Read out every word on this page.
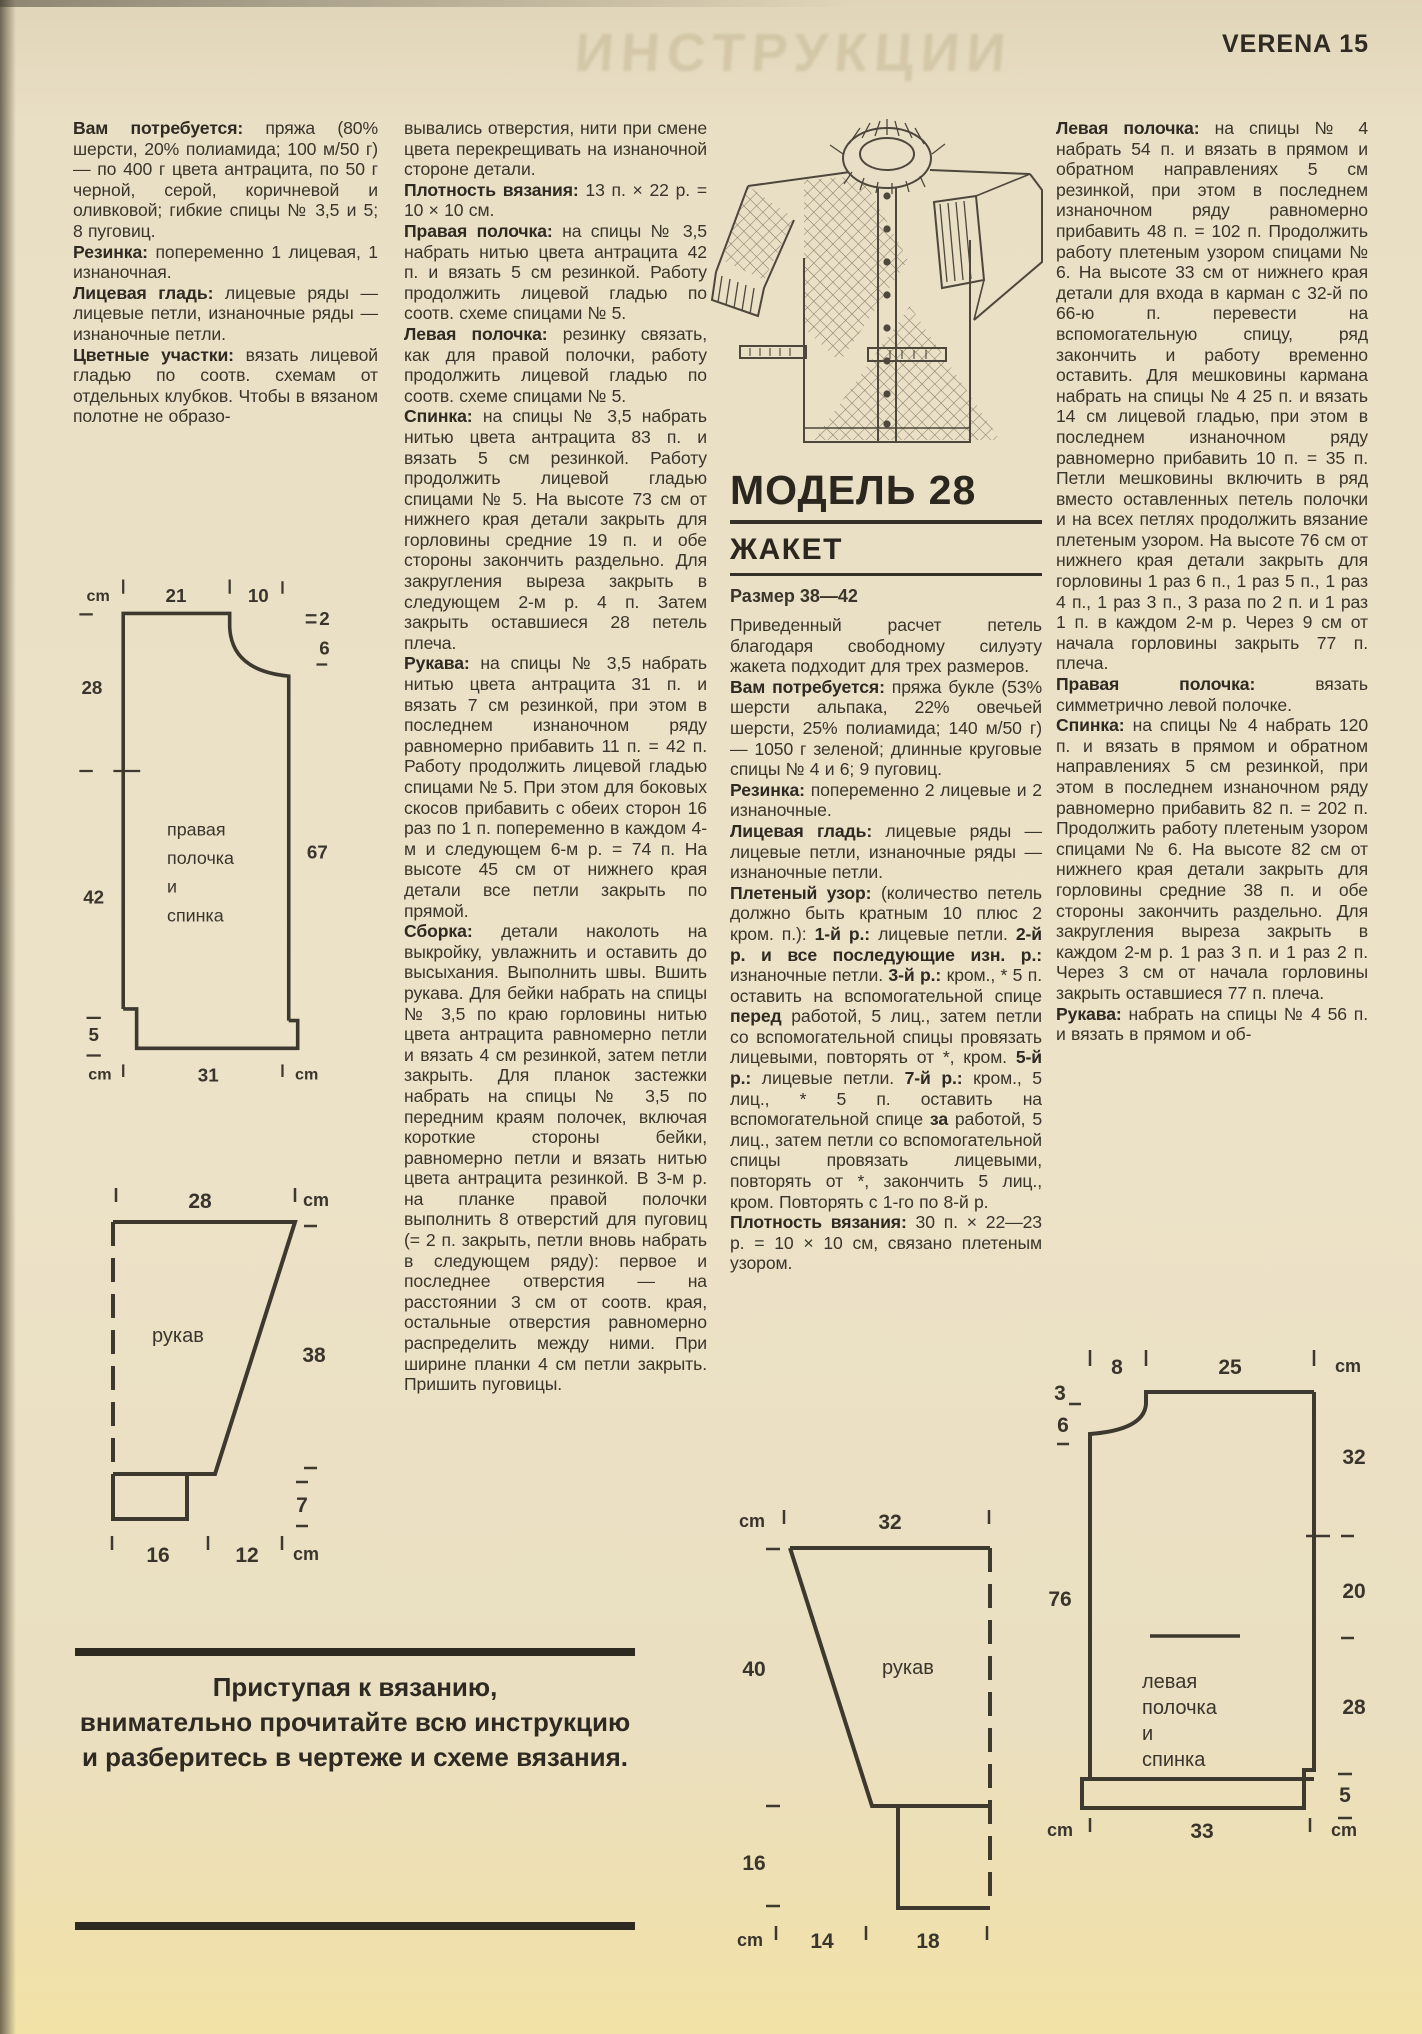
ИНСТРУКЦИИ	VERENA 15

Вам потребуется: пряжа (80% шерсти, 20% полиамида; 100 м/50 г) — по 400 г цвета антрацита, по 50 г черной, серой, коричневой и оливковой; гибкие спицы № 3,5 и 5; 8 пуговиц.

Резинка: попеременно 1 лицевая, 1 изнаночная.

Лицевая гладь: лицевые ряды — лицевые петли, изнаночные ряды — изнаночные петли.

Цветные участки: вязать лицевой гладью по соотв. схемам от отдельных клубков. Чтобы в вязаном полотне не образо-

вывались отверстия, нити при смене цвета перекрещивать на изнаночной стороне детали.

Плотность вязания: 13 п. × 22 р. = 10 × 10 см.

Правая полочка: на спицы № 3,5 набрать нитью цвета антрацита 42 п. и вязать 5 см резинкой. Работу продолжить лицевой гладью по соотв. схеме спицами № 5.

Левая полочка: резинку связать, как для правой полочки, работу продолжить лицевой гладью по соотв. схеме спицами № 5.

Спинка: на спицы № 3,5 набрать нитью цвета антрацита 83 п. и вязать 5 см резинкой. Работу продолжить лицевой гладью спицами № 5. На высоте 73 см от нижнего края детали закрыть для горловины средние 19 п. и обе стороны закончить раздельно. Для закругления выреза закрыть в следующем 2-м р. 4 п. Затем закрыть оставшиеся 28 петель плеча.

Рукава: на спицы № 3,5 набрать нитью цвета антрацита 31 п. и вязать 7 см резинкой, при этом в последнем изнаночном ряду равномерно прибавить 11 п. = 42 п. Работу продолжить лицевой гладью спицами № 5. При этом для боковых скосов прибавить с обеих сторон 16 раз по 1 п. попеременно в каждом 4-м и следующем 6-м р. = 74 п. На высоте 45 см от нижнего края детали все петли закрыть по прямой.

Сборка: детали наколоть на выкройку, увлажнить и оставить до высыхания. Выполнить швы. Вшить рукава. Для бейки набрать на спицы № 3,5 по краю горловины нитью цвета антрацита равномерно петли и вязать 4 см резинкой, затем петли закрыть. Для планок застежки набрать на спицы № 3,5 по передним краям полочек, включая короткие стороны бейки, равномерно петли и вязать нитью цвета антрацита резинкой. В 3-м р. на планке правой полочки выполнить 8 отверстий для пуговиц (= 2 п. закрыть, петли вновь набрать в следующем ряду): первое и последнее отверстия — на расстоянии 3 см от соотв. края, остальные отверстия равномерно распределить между ними. При ширине планки 4 см петли закрыть. Пришить пуговицы.

МОДЕЛЬ 28
ЖАКЕТ
Размер 38—42

Приведенный расчет петель благодаря свободному силуэту жакета подходит для трех размеров.

Вам потребуется: пряжа букле (53% шерсти альпака, 22% овечьей шерсти, 25% полиамида; 140 м/50 г) — 1050 г зеленой; длинные круговые спицы № 4 и 6; 9 пуговиц.

Резинка: попеременно 2 лицевые и 2 изнаночные.

Лицевая гладь: лицевые ряды — лицевые петли, изнаночные ряды — изнаночные петли.

Плетеный узор: (количество петель должно быть кратным 10 плюс 2 кром. п.): 1-й р.: лицевые петли. 2-й р. и все последующие изн. р.: изнаночные петли. 3-й р.: кром., * 5 п. оставить на вспомогательной спице перед работой, 5 лиц., затем петли со вспомогательной спицы провязать лицевыми, повторять от *, кром. 5-й р.: лицевые петли. 7-й р.: кром., 5 лиц., * 5 п. оставить на вспомогательной спице за работой, 5 лиц., затем петли со вспомогательной спицы провязать лицевыми, повторять от *, закончить 5 лиц., кром. Повторять с 1-го по 8-й р.

Плотность вязания: 30 п. × 22—23 р. = 10 × 10 см, связано плетеным узором.

Левая полочка: на спицы № 4 набрать 54 п. и вязать в прямом и обратном направлениях 5 см резинкой, при этом в последнем изнаночном ряду равномерно прибавить 48 п. = 102 п. Продолжить работу плетеным узором спицами № 6. На высоте 33 см от нижнего края детали для входа в карман с 32-й по 66-ю п. перевести на вспомогательную спицу, ряд закончить и работу временно оставить. Для мешковины кармана набрать на спицы № 4 25 п. и вязать 14 см лицевой гладью, при этом в последнем изнаночном ряду равномерно прибавить 10 п. = 35 п. Петли мешковины включить в ряд вместо оставленных петель полочки и на всех петлях продолжить вязание плетеным узором. На высоте 76 см от нижнего края детали закрыть для горловины 1 раз 6 п., 1 раз 5 п., 1 раз 4 п., 1 раз 3 п., 3 раза по 2 п. и 1 раз 1 п. в каждом 2-м р. Через 9 см от начала горловины закрыть 77 п. плеча.

Правая полочка: вязать симметрично левой полочке.

Спинка: на спицы № 4 набрать 120 п. и вязать в прямом и обратном направлениях 5 см резинкой, при этом в последнем изнаночном ряду равномерно прибавить 82 п. = 202 п. Продолжить работу плетеным узором спицами № 6. На высоте 82 см от нижнего края детали закрыть для горловины средние 38 п. и обе стороны закончить раздельно. Для закругления выреза закрыть в каждом 2-м р. 1 раз 3 п. и 1 раз 2 п. Через 3 см от начала горловины закрыть оставшиеся 77 п. плеча.

Рукава: набрать на спицы № 4 56 п. и вязать в прямом и об-

cm	21	10
2
6
28
42
5
67
правая
полочка
и
спинка
cm	31	cm
28	cm
38
7
рукав
16	12 cm
Приступая к вязанию,
внимательно прочитайте всю инструкцию
и разберитесь в чертеже и схеме вязания.
cm	32
40
16
рукав
cm 14	18
8	25	cm
3
6
76
32
20
28
5
левая
полочка
и
спинка
cm	33	cm
